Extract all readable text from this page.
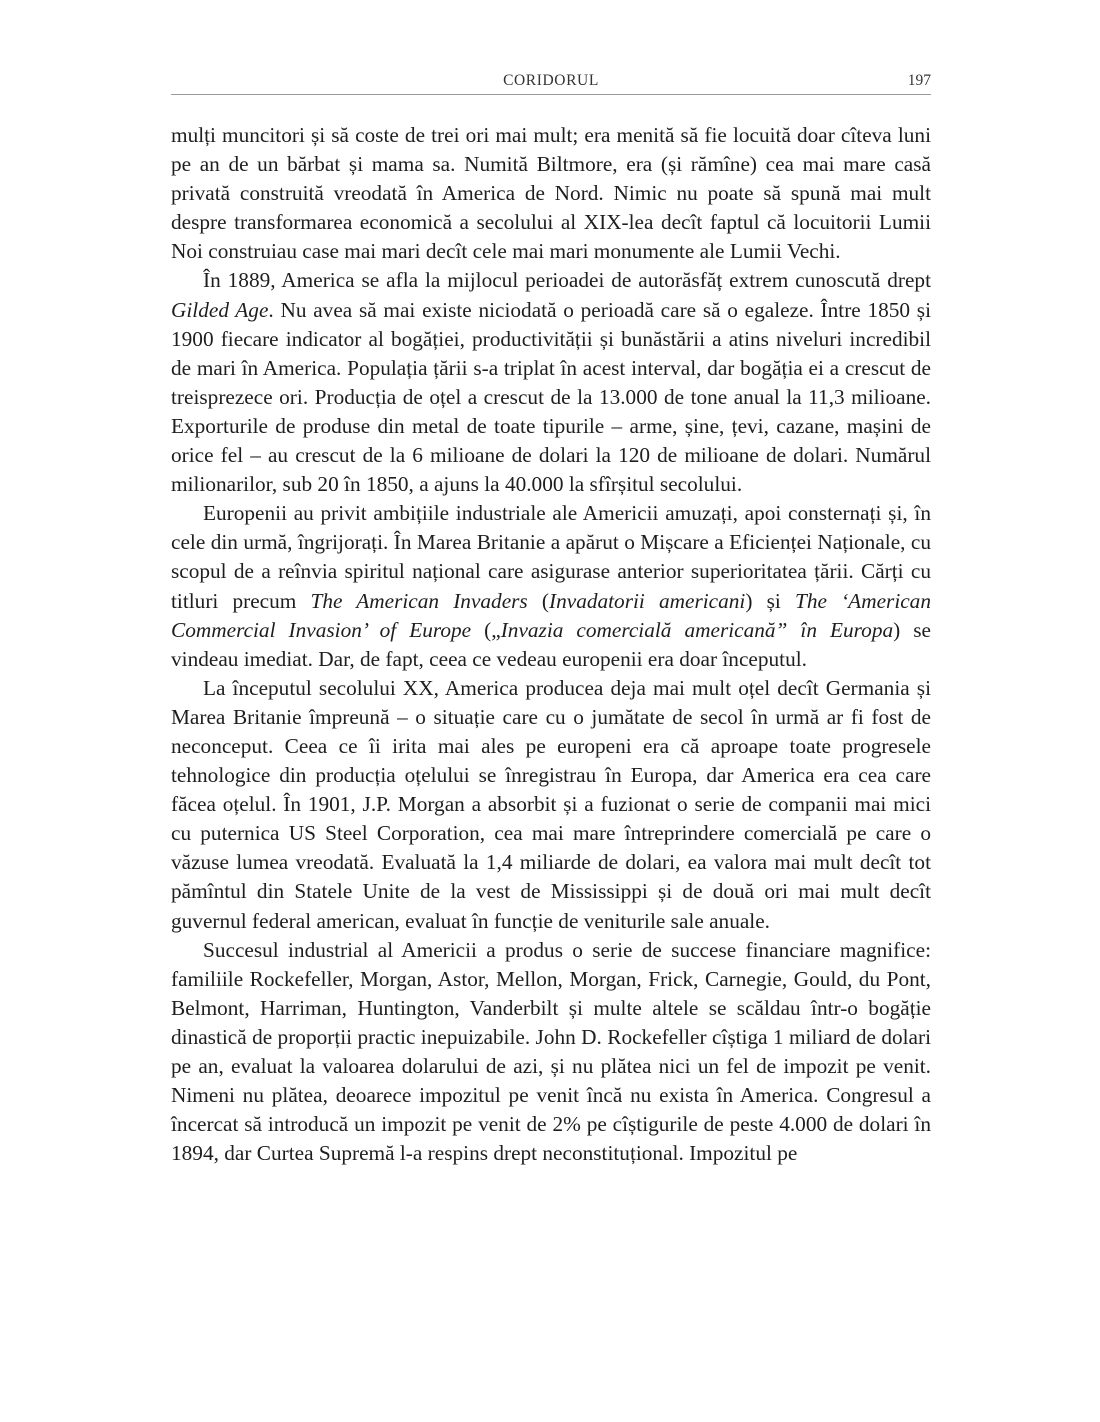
CORIDORUL	197

mulți muncitori și să coste de trei ori mai mult; era menită să fie locuită doar cîteva luni pe an de un bărbat și mama sa. Numită Biltmore, era (și rămîne) cea mai mare casă privată construită vreodată în America de Nord. Nimic nu poate să spună mai mult despre transformarea economică a secolului al XIX-lea decît faptul că locuitorii Lumii Noi construiau case mai mari decît cele mai mari monumente ale Lumii Vechi.

În 1889, America se afla la mijlocul perioadei de autorăsfăț extrem cunoscută drept Gilded Age. Nu avea să mai existe niciodată o perioadă care să o egaleze. Între 1850 și 1900 fiecare indicator al bogăției, productivității și bunăstării a atins niveluri incredibil de mari în America. Populația țării s-a triplat în acest interval, dar bogăția ei a crescut de treisprezece ori. Producția de oțel a crescut de la 13.000 de tone anual la 11,3 milioane. Exporturile de produse din metal de toate tipurile – arme, șine, țevi, cazane, mașini de orice fel – au crescut de la 6 milioane de dolari la 120 de milioane de dolari. Numărul milionarilor, sub 20 în 1850, a ajuns la 40.000 la sfîrșitul secolului.

Europenii au privit ambițiile industriale ale Americii amuzați, apoi consternați și, în cele din urmă, îngrijorați. În Marea Britanie a apărut o Mișcare a Eficienței Naționale, cu scopul de a reînvia spiritul național care asigurase anterior superioritatea țării. Cărți cu titluri precum The American Invaders (Invadatorii americani) și The ‘American Commercial Invasion’ of Europe („Invazia comercială americană” în Europa) se vindeau imediat. Dar, de fapt, ceea ce vedeau europenii era doar începutul.

La începutul secolului XX, America producea deja mai mult oțel decît Germania și Marea Britanie împreună – o situație care cu o jumătate de secol în urmă ar fi fost de neconceput. Ceea ce îi irita mai ales pe europeni era că aproape toate progresele tehnologice din producția oțelului se înregistrau în Europa, dar America era cea care făcea oțelul. În 1901, J.P. Morgan a absorbit și a fuzionat o serie de companii mai mici cu puternica US Steel Corporation, cea mai mare întreprindere comercială pe care o văzuse lumea vreodată. Evaluată la 1,4 miliarde de dolari, ea valora mai mult decît tot pămîntul din Statele Unite de la vest de Mississippi și de două ori mai mult decît guvernul federal american, evaluat în funcție de veniturile sale anuale.

Succesul industrial al Americii a produs o serie de succese financiare magnifice: familiile Rockefeller, Morgan, Astor, Mellon, Morgan, Frick, Carnegie, Gould, du Pont, Belmont, Harriman, Huntington, Vanderbilt și multe altele se scăldau într-o bogăție dinastică de proporții practic inepuizabile. John D. Rockefeller cîștiga 1 miliard de dolari pe an, evaluat la valoarea dolarului de azi, și nu plătea nici un fel de impozit pe venit. Nimeni nu plătea, deoarece impozitul pe venit încă nu exista în America. Congresul a încercat să introducă un impozit pe venit de 2% pe cîștigurile de peste 4.000 de dolari în 1894, dar Curtea Supremă l-a respins drept neconstituțional. Impozitul pe
